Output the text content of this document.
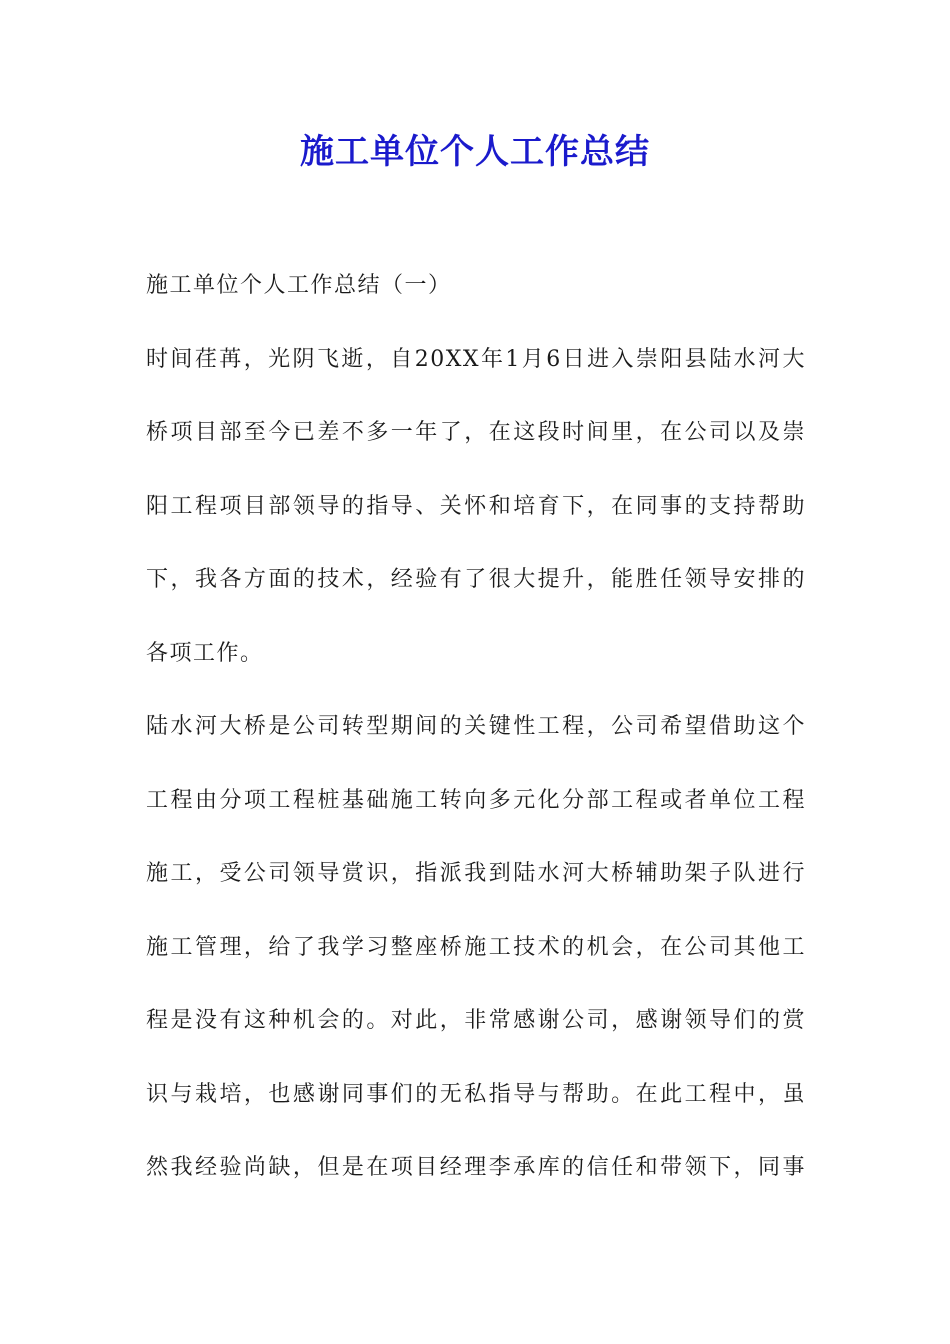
施工单位个人工作总结
施工单位个人工作总结（一）
时间荏苒，光阴飞逝，自20XX年1月6日进入崇阳县陆水河大
桥项目部至今已差不多一年了，在这段时间里，在公司以及崇
阳工程项目部领导的指导、关怀和培育下，在同事的支持帮助
下，我各方面的技术，经验有了很大提升，能胜任领导安排的
各项工作。
陆水河大桥是公司转型期间的关键性工程，公司希望借助这个
工程由分项工程桩基础施工转向多元化分部工程或者单位工程
施工，受公司领导赏识，指派我到陆水河大桥辅助架子队进行
施工管理，给了我学习整座桥施工技术的机会，在公司其他工
程是没有这种机会的。对此，非常感谢公司，感谢领导们的赏
识与栽培，也感谢同事们的无私指导与帮助。在此工程中，虽
然我经验尚缺，但是在项目经理李承库的信任和带领下，同事
